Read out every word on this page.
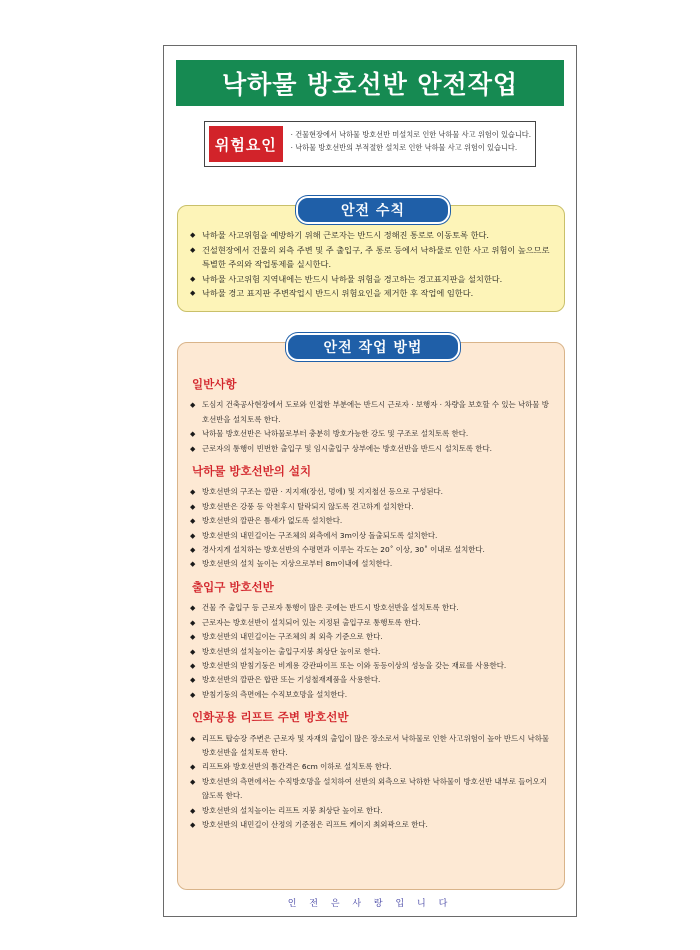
낙하물 방호선반 안전작업
위험요인
· 건물현장에서 낙하물 방호선반 미설치로 인한 낙하물 사고 위험이 있습니다.
· 낙하물 방호선반의 부적절한 설치로 인한 낙하물 사고 위험이 있습니다.
◆ 낙하물 사고위험을 예방하기 위해 근로자는 반드시 정해진 통로로 이동토록 한다.
◆ 건설현장에서 건물의 외측 주변 및 주 출입구, 주 통로 등에서 낙하물로 인한 사고 위험이 높으므로 특별한 주의와 작업통제를 실시한다.
◆ 낙하물 사고위험 지역내에는 반드시 낙하물 위험을 경고하는 경고표지판을 설치한다.
◆ 낙하물 경고 표지판 주변작업시 반드시 위험요인을 제거한 후 작업에 임한다.
안전 수칙
일반사항
◆ 도심지 건축공사현장에서 도로와 인접한 부분에는 반드시 근로자 · 보행자 · 차량을 보호할 수 있는 낙하물 방호선반을 설치토록 한다.
◆ 낙하물 방호선반은 낙하물로부터 충분히 방호가능한 강도 및 구조로 설치토록 한다.
◆ 근로자의 통행이 빈번한 출입구 및 임시출입구 상부에는 방호선반을 반드시 설치토록 한다.
낙하물 방호선반의 설치
◆ 방호선반의 구조는 깔판 · 지지재(장선, 멍에) 및 지지철선 등으로 구성된다.
◆ 방호선반은 강풍 등 악천후시 탈락되지 않도록 견고하게 설치한다.
◆ 방호선반의 깔판은 틈새가 없도록 설치한다.
◆ 방호선반의 내민길이는 구조체의 외측에서 3m이상 돌출되도록 설치한다.
◆ 경사지게 설치하는 방호선반의 수평면과 이루는 각도는 20˚ 이상, 30˚ 이내로 설치한다.
◆ 방호선반의 설치 높이는 지상으로부터 8m이내에 설치한다.
출입구 방호선반
◆ 건물 주 출입구 등 근로자 통행이 많은 곳에는 반드시 방호선반을 설치토록 한다.
◆ 근로자는 방호선반이 설치되어 있는 지정된 출입구로 통행토록 한다.
◆ 방호선반의 내민길이는 구조체의 최 외측 기준으로 한다.
◆ 방호선반의 설치높이는 출입구지붕 최상단 높이로 한다.
◆ 방호선반의 받침기둥은 비계용 강관파이프 또는 이와 동등이상의 성능을 갖는 재료를 사용한다.
◆ 방호선반의 깔판은 합판 또는 기성철재제품을 사용한다.
◆ 받침기둥의 측면에는 수직보호망을 설치한다.
인화공용 리프트 주변 방호선반
◆ 리프트 탑승장 주변은 근로자 및 자재의 출입이 많은 장소로서 낙하물로 인한 사고위험이 높아 반드시 낙하물 방호선반을 설치토록 한다.
◆ 리프트와 방호선반의 틈간격은 6cm 이하로 설치토록 한다.
◆ 방호선반의 측면에서는 수직방호망을 설치하여 선반의 외측으로 낙하한 낙하물이 방호선반 내부로 들어오지 않도록 한다.
◆ 방호선반의 설치높이는 리프트 지붕 최상단 높이로 한다.
◆ 방호선반의 내민길이 산정의 기준점은 리프트 케이지 최외곽으로 한다.
안전 작업 방법
인 전 은 사 랑 입 니 다
